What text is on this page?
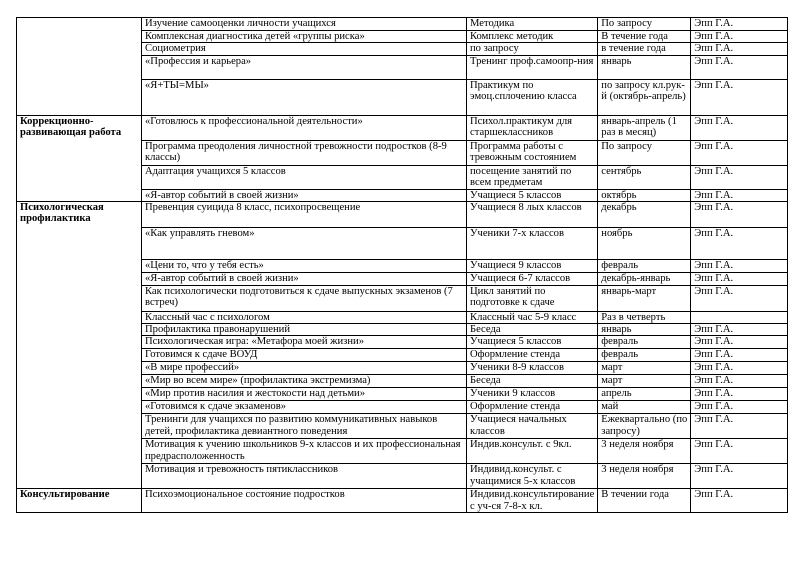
	Изучение самооценки личности учащихся	Методика	По запросу	Эпп Г.А.
	Комплексная диагностика детей «группы риска»	Комплекс методик	В течение года	Эпп Г.А.
	Социометрия	по запросу	в течение года	Эпп Г.А.
	«Профессия и карьера»	Тренинг проф.самоопр-ния	январь	Эпп Г.А.
	«Я+ТЫ=МЫ»	Практикум по эмоц.сплочению класса	по запросу кл.рук-й (октябрь-апрель)	Эпп Г.А.
Коррекционно-развивающая работа	«Готовлюсь к профессиональной деятельности»	Психол.практикум для старшеклассников	январь-апрель (1 раз в месяц)	Эпп Г.А.
	Программа преодоления личностной тревожности подростков (8-9 классы)	Программа работы с тревожным состоянием	По запросу	Эпп Г.А.
	Адаптация учащихся 5 классов	посещение занятий по всем предметам	сентябрь	Эпп Г.А.
	«Я-автор событий в своей жизни»	Учащиеся 5 классов	октябрь	Эпп Г.А.
Психологическая профилактика	Превенция суицида 8 класс, психопросвещение	Учащиеся 8 лых классов	декабрь	Эпп Г.А.
	«Как управлять гневом»	Ученики 7-х классов	ноябрь	Эпп Г.А.
	«Цени то, что у тебя есть»	Учащиеся 9 классов	февраль	Эпп Г.А.
	«Я-автор событий в своей жизни»	Учащиеся 6-7 классов	декабрь-январь	Эпп Г.А.
	Как психологически подготовиться к сдаче выпускных экзаменов (7 встреч)	Цикл занятий по подготовке к сдаче	январь-март	Эпп Г.А.
	Классный час с психологом	Классный час 5-9 класс	Раз в четверть	
	Профилактика правонарушений	Беседа	январь	Эпп Г.А.
	Психологическая игра: «Метафора моей жизни»	Учащиеся 5 классов	февраль	Эпп Г.А.
	Готовимся к сдаче ВОУД	Оформление стенда	февраль	Эпп Г.А.
	«В мире профессий»	Ученики 8-9 классов	март	Эпп Г.А.
	«Мир во всем мире» (профилактика экстремизма)	Беседа	март	Эпп Г.А.
	«Мир против насилия и жестокости над детьми»	Ученики 9 классов	апрель	Эпп Г.А.
	«Готовимся к сдаче экзаменов»	Оформление стенда	май	Эпп Г.А.
	Тренинги для учащихся по развитию коммуникативных навыков детей, профилактика девиантного поведения	Учащиеся начальных классов	Ежеквартально (по запросу)	Эпп Г.А.
	Мотивация к учению школьников 9-х классов и их профессиональная предрасположенность	Индив.консульт. с 9кл.	3 неделя ноября	Эпп Г.А.
	Мотивация и тревожность пятиклассников	Индивид.консульт. с учащимися 5-х классов	3 неделя ноября	Эпп Г.А.
Консультирование	Психоэмоциональное состояние подростков	Индивид.консультирование с уч-ся 7-8-х кл.	В течении года	Эпп Г.А.
